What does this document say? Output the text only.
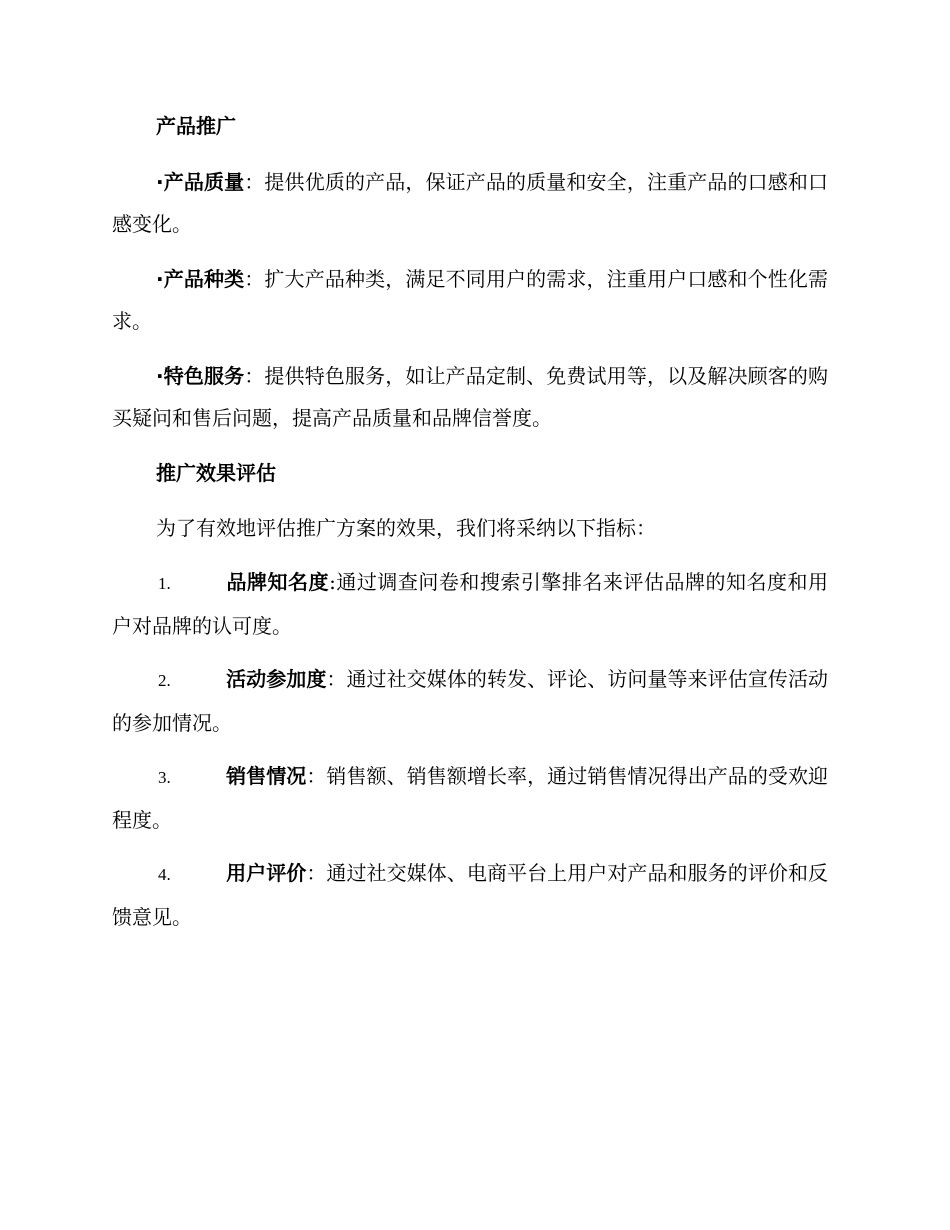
产品推广

·产品质量：提供优质的产品，保证产品的质量和安全，注重产品的口感和口感变化。

·产品种类：扩大产品种类，满足不同用户的需求，注重用户口感和个性化需求。

·特色服务：提供特色服务，如让产品定制、免费试用等，以及解决顾客的购买疑问和售后问题，提高产品质量和品牌信誉度。

推广效果评估

为了有效地评估推广方案的效果，我们将采纳以下指标：

1.	品牌知名度:通过调查问卷和搜索引擎排名来评估品牌的知名度和用户对品牌的认可度。

2.	活动参加度：通过社交媒体的转发、评论、访问量等来评估宣传活动的参加情况。

3.	销售情况：销售额、销售额增长率，通过销售情况得出产品的受欢迎程度。

4.	用户评价：通过社交媒体、电商平台上用户对产品和服务的评价和反馈意见。
